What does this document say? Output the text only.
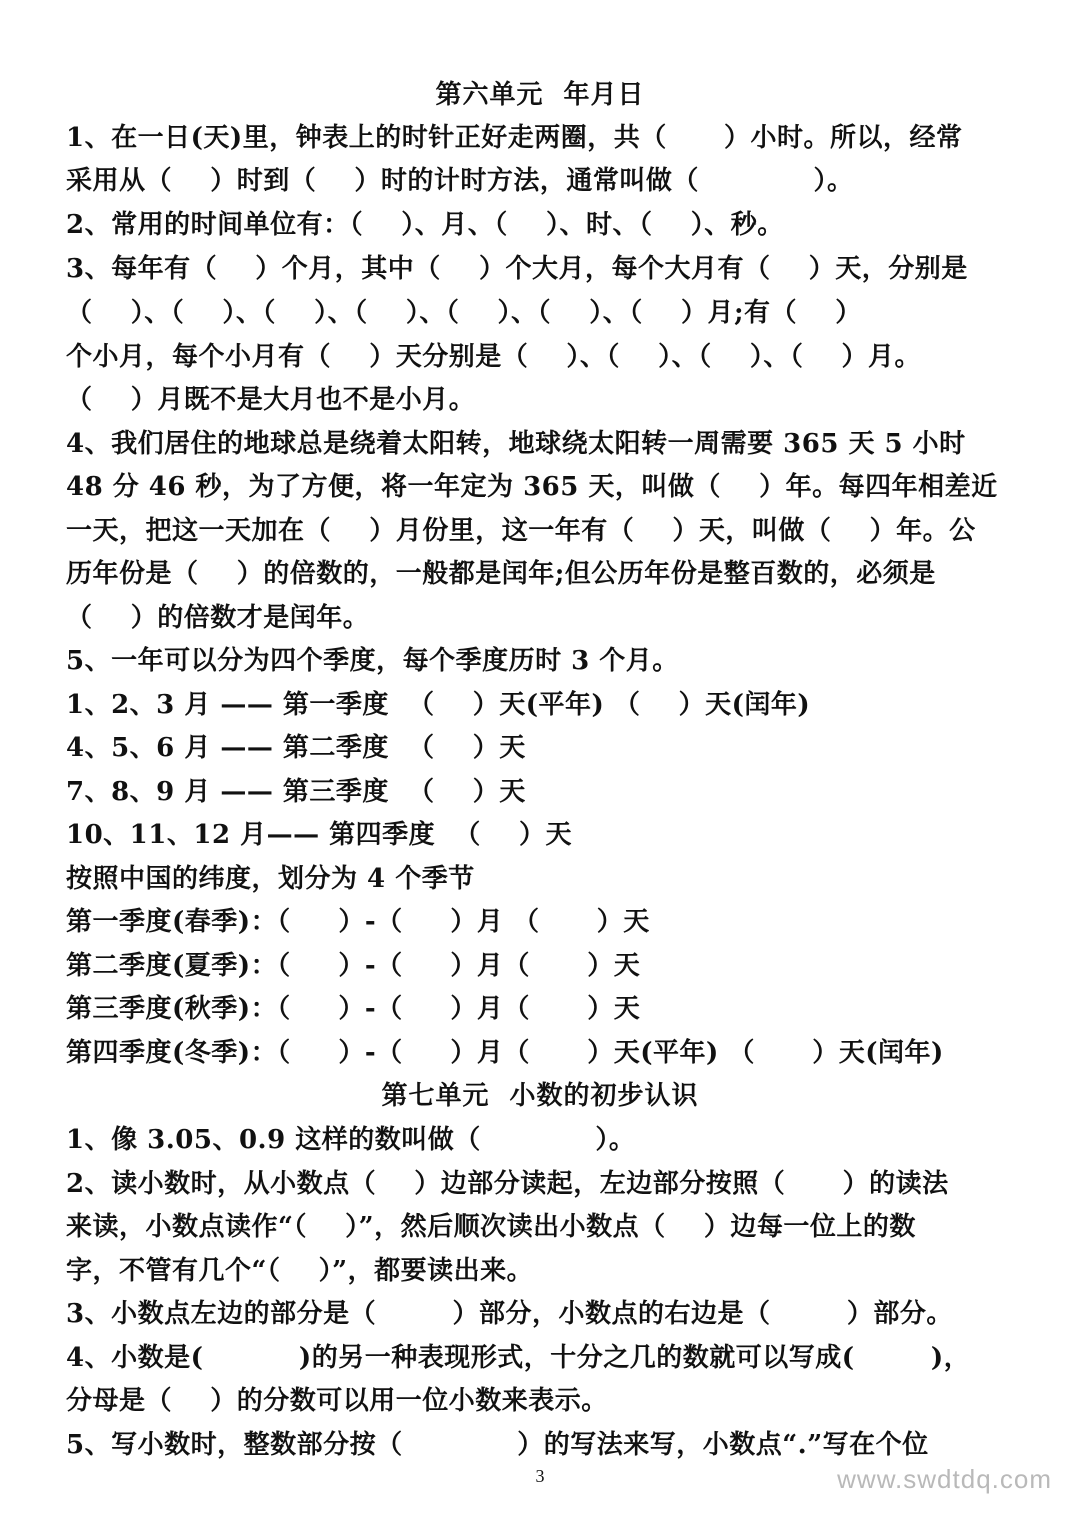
第六单元  年月日
1、在一日(天)里，钟表上的时针正好走两圈，共（      ）小时。所以，经常
采用从（    ）时到（    ）时的计时方法，通常叫做（            ）。
2、常用的时间单位有：（    ）、月、（    ）、时、（    ）、秒。
3、每年有（    ）个月，其中（    ）个大月，每个大月有（    ）天，分别是
（    ）、（    ）、（    ）、（    ）、（    ）、（    ）、（    ）月;有（    ）
个小月，每个小月有（    ）天分别是（    ）、（    ）、（    ）、（    ）月。
（    ）月既不是大月也不是小月。
4、我们居住的地球总是绕着太阳转，地球绕太阳转一周需要 365 天 5 小时
48 分 46 秒，为了方便，将一年定为 365 天，叫做（    ）年。每四年相差近
一天，把这一天加在（    ）月份里，这一年有（    ）天，叫做（    ）年。公
历年份是（    ）的倍数的，一般都是闰年;但公历年份是整百数的，必须是
（    ）的倍数才是闰年。
5、一年可以分为四个季度，每个季度历时 3 个月。
1、2、3 月 —— 第一季度  （    ）天(平年) （    ）天(闰年)
4、5、6 月 —— 第二季度  （    ）天
7、8、9 月 —— 第三季度  （    ）天
10、11、12 月—— 第四季度  （    ）天
按照中国的纬度，划分为 4 个季节
第一季度(春季)：（     ）-（     ）月 （      ）天
第二季度(夏季)：（     ）-（     ）月（      ）天
第三季度(秋季)：（     ）-（     ）月（      ）天
第四季度(冬季)：（     ）-（     ）月（      ）天(平年) （      ）天(闰年)
第七单元  小数的初步认识
1、像 3.05、0.9 这样的数叫做（            ）。
2、读小数时，从小数点（    ）边部分读起，左边部分按照（      ）的读法
来读，小数点读作“（    ）”，然后顺次读出小数点（    ）边每一位上的数
字，不管有几个“（    ）”，都要读出来。
3、小数点左边的部分是（        ）部分，小数点的右边是（        ）部分。
4、小数是(          )的另一种表现形式，十分之几的数就可以写成(        )，
分母是（    ）的分数可以用一位小数来表示。
5、写小数时，整数部分按（            ）的写法来写，小数点“.”写在个位
3	www.swdtdq.com
